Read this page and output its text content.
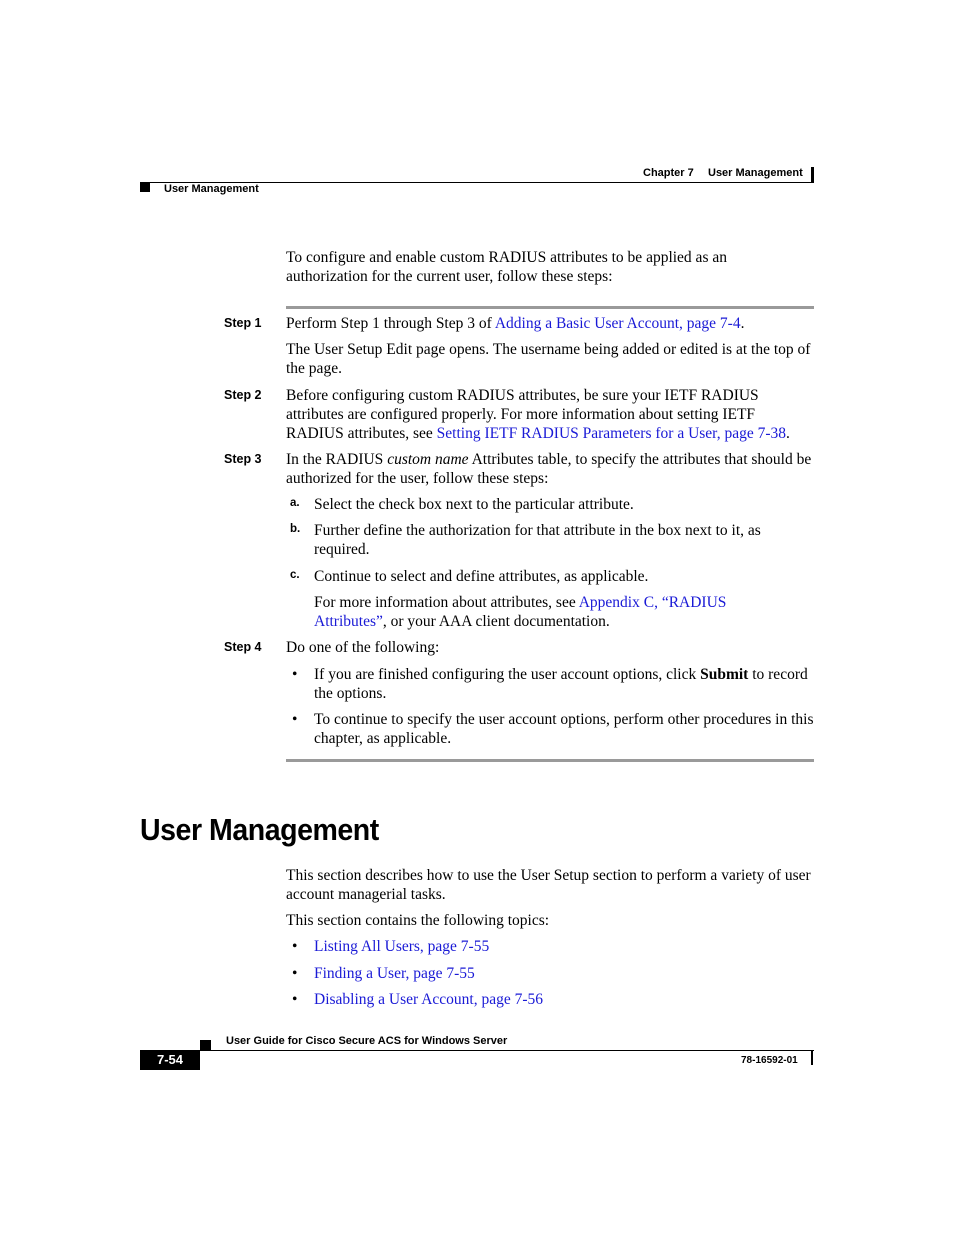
Chapter 7 User Management
User Management
To configure and enable custom RADIUS attributes to be applied as an authorization for the current user, follow these steps:
Step 1 Perform Step 1 through Step 3 of Adding a Basic User Account, page 7-4.
The User Setup Edit page opens. The username being added or edited is at the top of the page.
Step 2 Before configuring custom RADIUS attributes, be sure your IETF RADIUS attributes are configured properly. For more information about setting IETF RADIUS attributes, see Setting IETF RADIUS Parameters for a User, page 7-38.
Step 3 In the RADIUS custom name Attributes table, to specify the attributes that should be authorized for the user, follow these steps:
a. Select the check box next to the particular attribute.
b. Further define the authorization for that attribute in the box next to it, as required.
c. Continue to select and define attributes, as applicable.
For more information about attributes, see Appendix C, “RADIUS Attributes”, or your AAA client documentation.
Step 4 Do one of the following:
• If you are finished configuring the user account options, click Submit to record the options.
• To continue to specify the user account options, perform other procedures in this chapter, as applicable.
User Management
This section describes how to use the User Setup section to perform a variety of user account managerial tasks.
This section contains the following topics:
• Listing All Users, page 7-55
• Finding a User, page 7-55
• Disabling a User Account, page 7-56
User Guide for Cisco Secure ACS for Windows Server
7-54	78-16592-01
